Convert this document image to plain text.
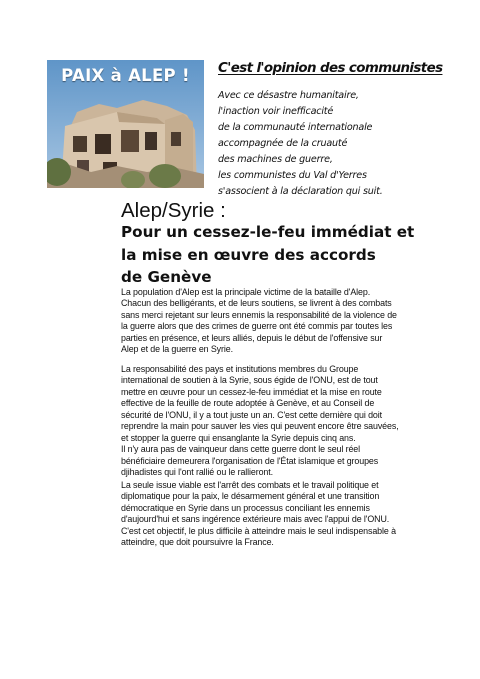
PAIX à ALEP !	C'est l'opinion des communistes
Avec ce désastre humanitaire,
l'inaction voir inefficacité
de la communauté internationale
accompagnée de la cruauté
des machines de guerre,
les communistes du Val d'Yerres
s'associent à la déclaration qui suit.
Alep/Syrie :
Pour un cessez-le-feu immédiat et
la mise en œuvre des accords
de Genève
La population d'Alep est la principale victime de la bataille d'Alep.
Chacun des belligérants, et de leurs soutiens, se livrent à des combats
sans merci rejetant sur leurs ennemis la responsabilité de la violence de
la guerre alors que des crimes de guerre ont été commis par toutes les
parties en présence, et leurs alliés, depuis le début de l'offensive sur
Alep et de la guerre en Syrie.
La responsabilité des pays et institutions membres du Groupe
international de soutien à la Syrie, sous égide de l'ONU, est de tout
mettre en œuvre pour un cessez-le-feu immédiat et la mise en route
effective de la feuille de route adoptée à Genève, et au Conseil de
sécurité de l'ONU, il y a tout juste un an. C'est cette dernière qui doit
reprendre la main pour sauver les vies qui peuvent encore être sauvées,
et stopper la guerre qui ensanglante la Syrie depuis cinq ans.
Il n'y aura pas de vainqueur dans cette guerre dont le seul réel
bénéficiaire demeurera l'organisation de l'État islamique et groupes
djihadistes qui l'ont rallié ou le rallieront.
La seule issue viable est l'arrêt des combats et le travail politique et
diplomatique pour la paix, le désarmement général et une transition
démocratique en Syrie dans un processus conciliant les ennemis
d'aujourd'hui et sans ingérence extérieure mais avec l'appui de l'ONU.
C'est cet objectif, le plus difficile à atteindre mais le seul indispensable à
atteindre, que doit poursuivre la France.
